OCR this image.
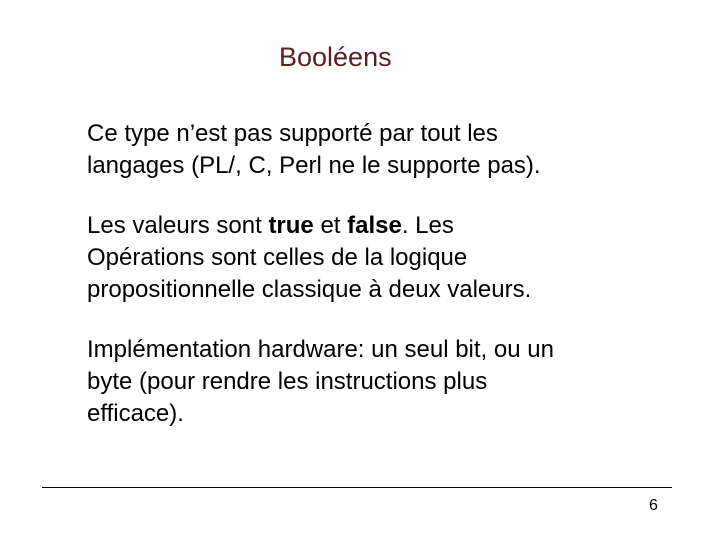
Booléens
Ce type n’est pas supporté par tout les
langages (PL/, C, Perl ne le supporte pas).
Les valeurs sont true et false. Les
Opérations sont celles de la logique
propositionnelle classique à deux valeurs.
Implémentation hardware: un seul bit, ou un
byte (pour rendre les instructions plus
efficace).
6
